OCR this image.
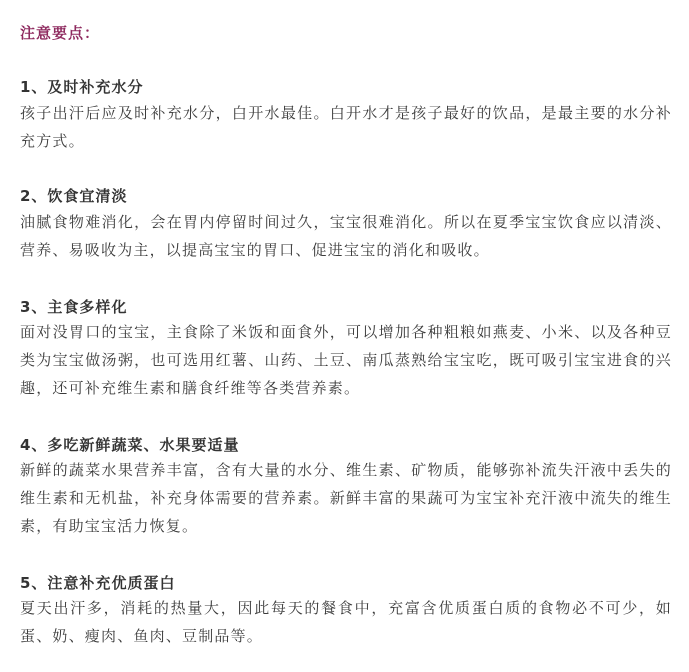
注意要点：
1、及时补充水分
孩子出汗后应及时补充水分，白开水最佳。白开水才是孩子最好的饮品，是最主要的水分补充方式。
2、饮食宜清淡
油腻食物难消化，会在胃内停留时间过久，宝宝很难消化。所以在夏季宝宝饮食应以清淡、营养、易吸收为主，以提高宝宝的胃口、促进宝宝的消化和吸收。
3、主食多样化
面对没胃口的宝宝，主食除了米饭和面食外，可以增加各种粗粮如燕麦、小米、以及各种豆类为宝宝做汤粥，也可选用红薯、山药、土豆、南瓜蒸熟给宝宝吃，既可吸引宝宝进食的兴趣，还可补充维生素和膳食纤维等各类营养素。
4、多吃新鲜蔬菜、水果要适量
新鲜的蔬菜水果营养丰富，含有大量的水分、维生素、矿物质，能够弥补流失汗液中丢失的维生素和无机盐，补充身体需要的营养素。新鲜丰富的果蔬可为宝宝补充汗液中流失的维生素，有助宝宝活力恢复。
5、注意补充优质蛋白
夏天出汗多，消耗的热量大，因此每天的餐食中，充富含优质蛋白质的食物必不可少，如蛋、奶、瘦肉、鱼肉、豆制品等。
